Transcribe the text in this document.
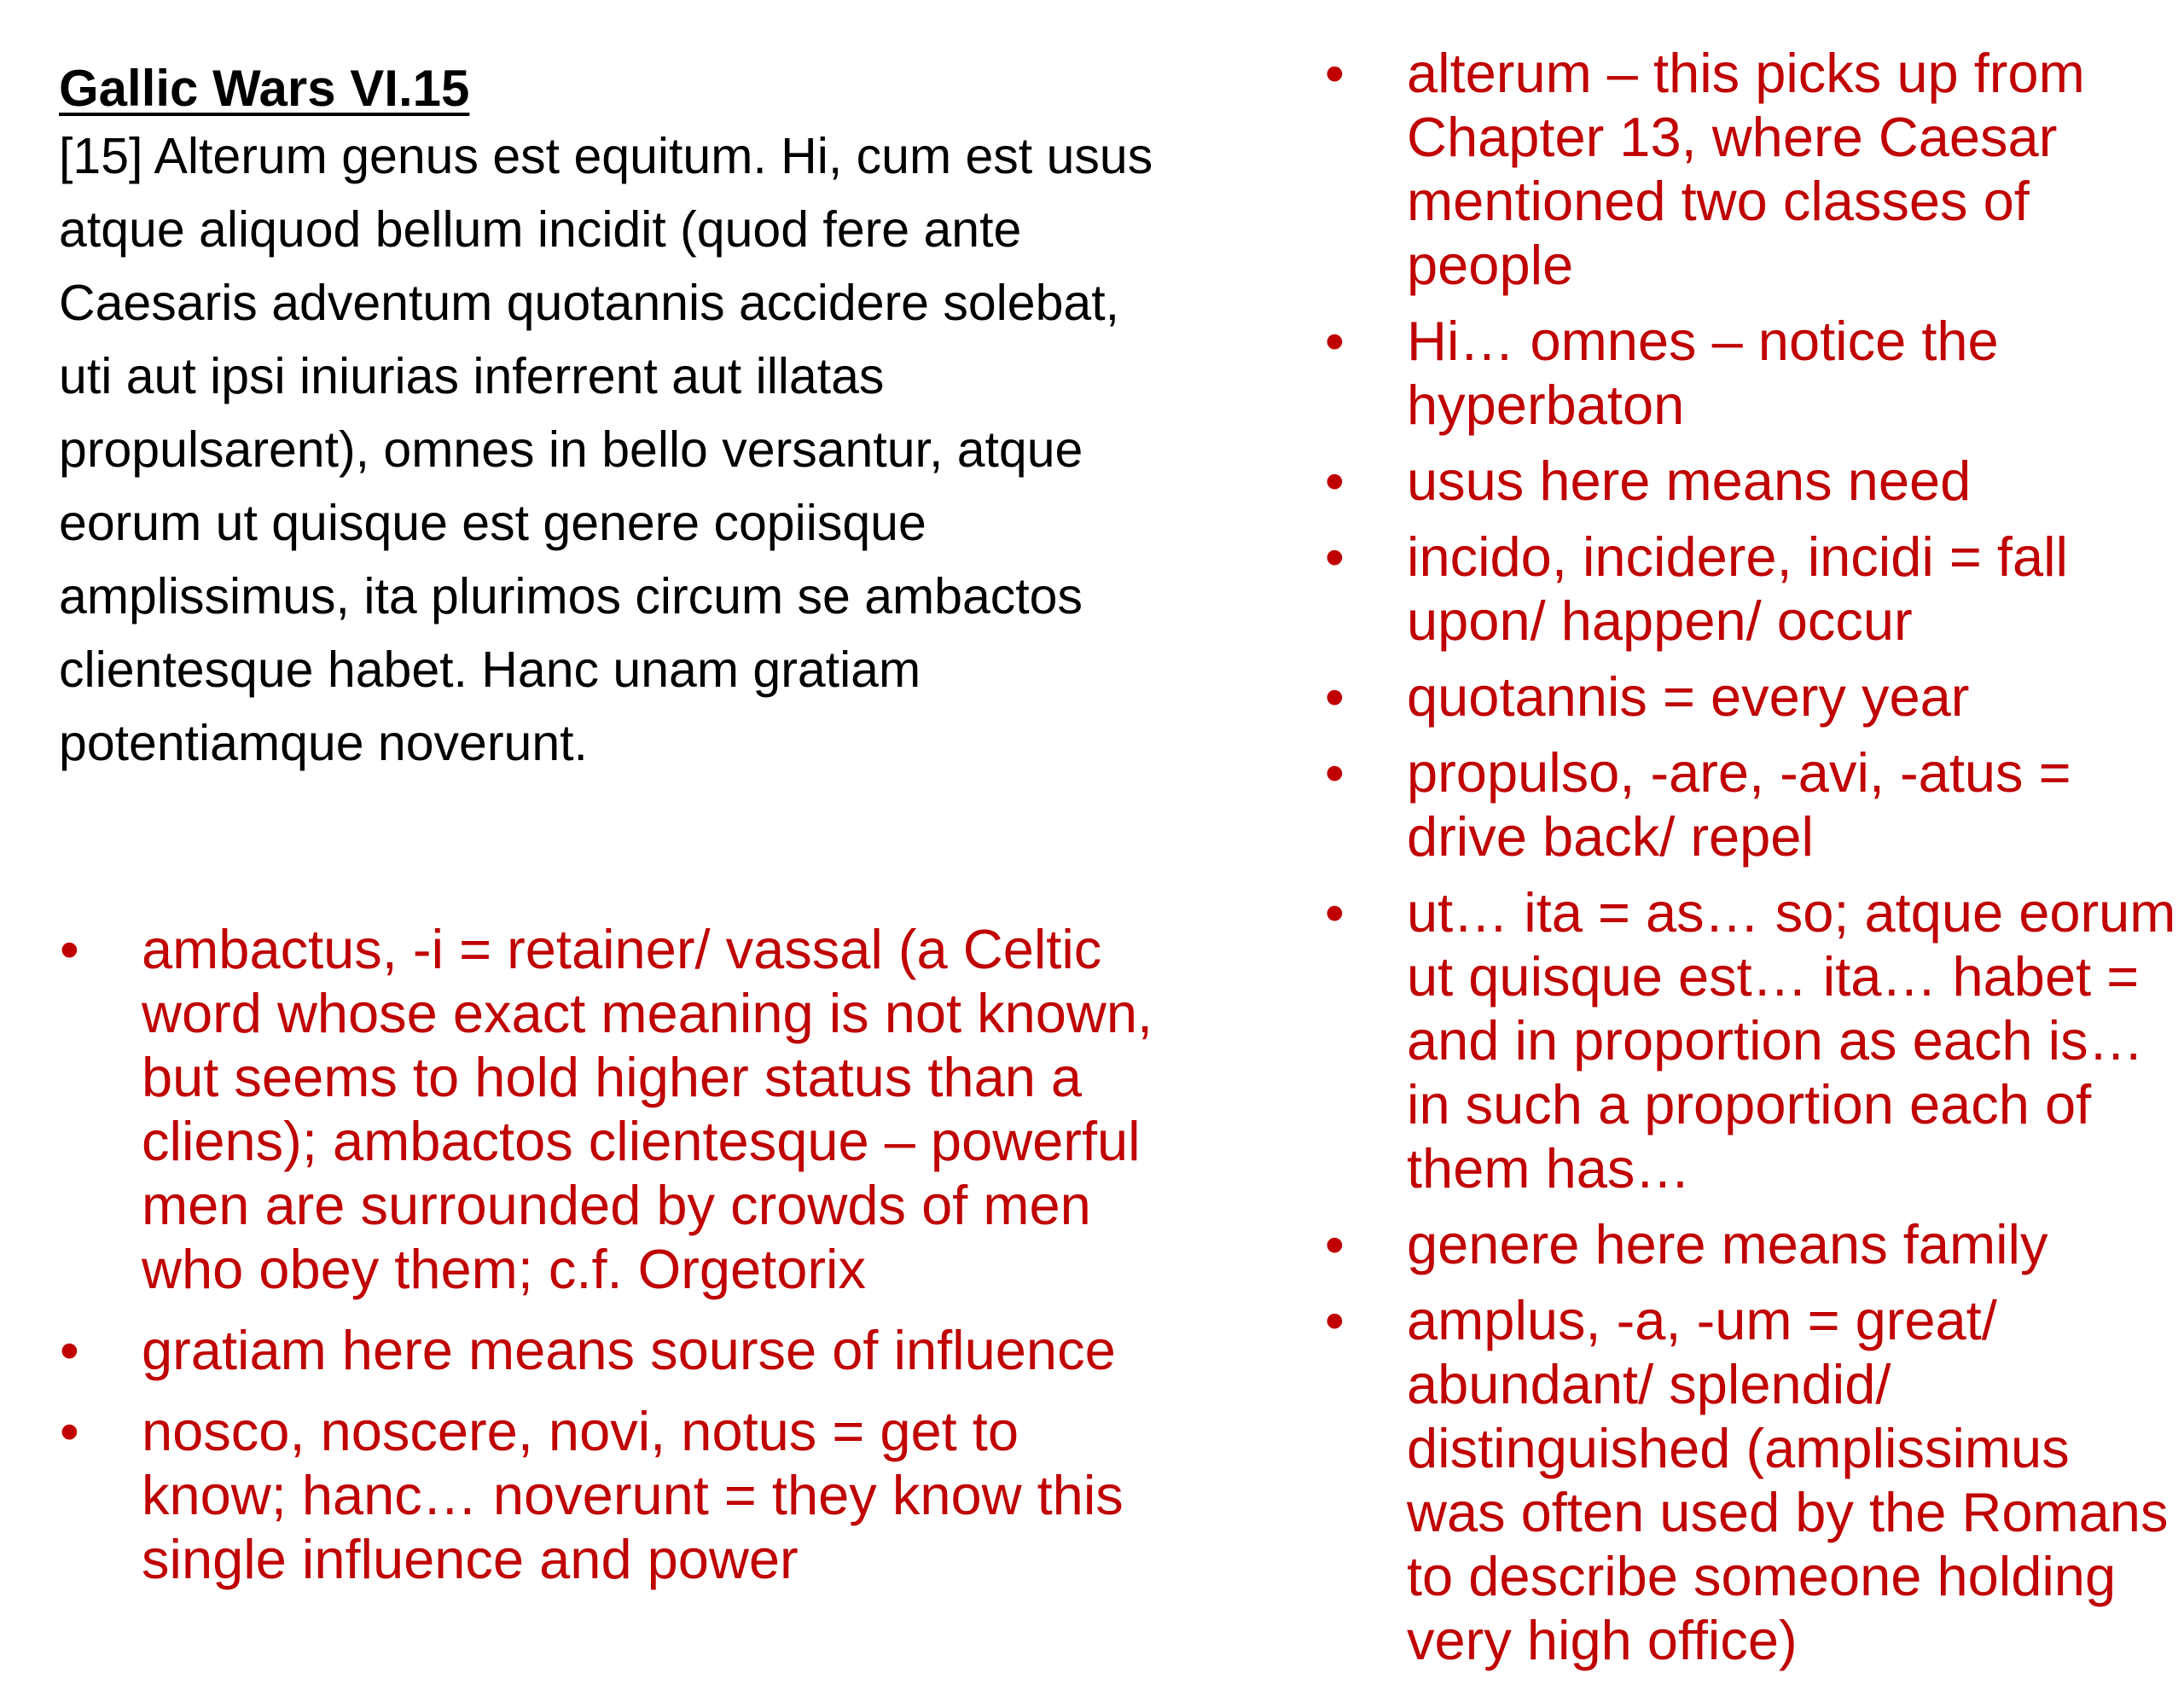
Gallic Wars VI.15
[15] Alterum genus est equitum. Hi, cum est usus
atque aliquod bellum incidit (quod fere ante
Caesaris adventum quotannis accidere solebat,
uti aut ipsi iniurias inferrent aut illatas
propulsarent), omnes in bello versantur, atque
eorum ut quisque est genere copiisque
amplissimus, ita plurimos circum se ambactos
clientesque habet. Hanc unam gratiam
potentiamque noverunt.
• ambactus, -i = retainer/ vassal (a Celtic
word whose exact meaning is not known,
but seems to hold higher status than a
cliens); ambactos clientesque – powerful
men are surrounded by crowds of men
who obey them; c.f. Orgetorix
• gratiam here means sourse of influence
• nosco, noscere, novi, notus = get to
know; hanc… noverunt = they know this
single influence and power
• alterum – this picks up from
Chapter 13, where Caesar
mentioned two classes of
people
• Hi… omnes – notice the
hyperbaton
• usus here means need
• incido, incidere, incidi = fall
upon/ happen/ occur
• quotannis = every year
• propulso, -are, -avi, -atus =
drive back/ repel
• ut… ita = as… so; atque eorum
ut quisque est… ita… habet =
and in proportion as each is…
in such a proportion each of
them has…
• genere here means family
• amplus, -a, -um = great/
abundant/ splendid/
distinguished (amplissimus
was often used by the Romans
to describe someone holding
very high office)
